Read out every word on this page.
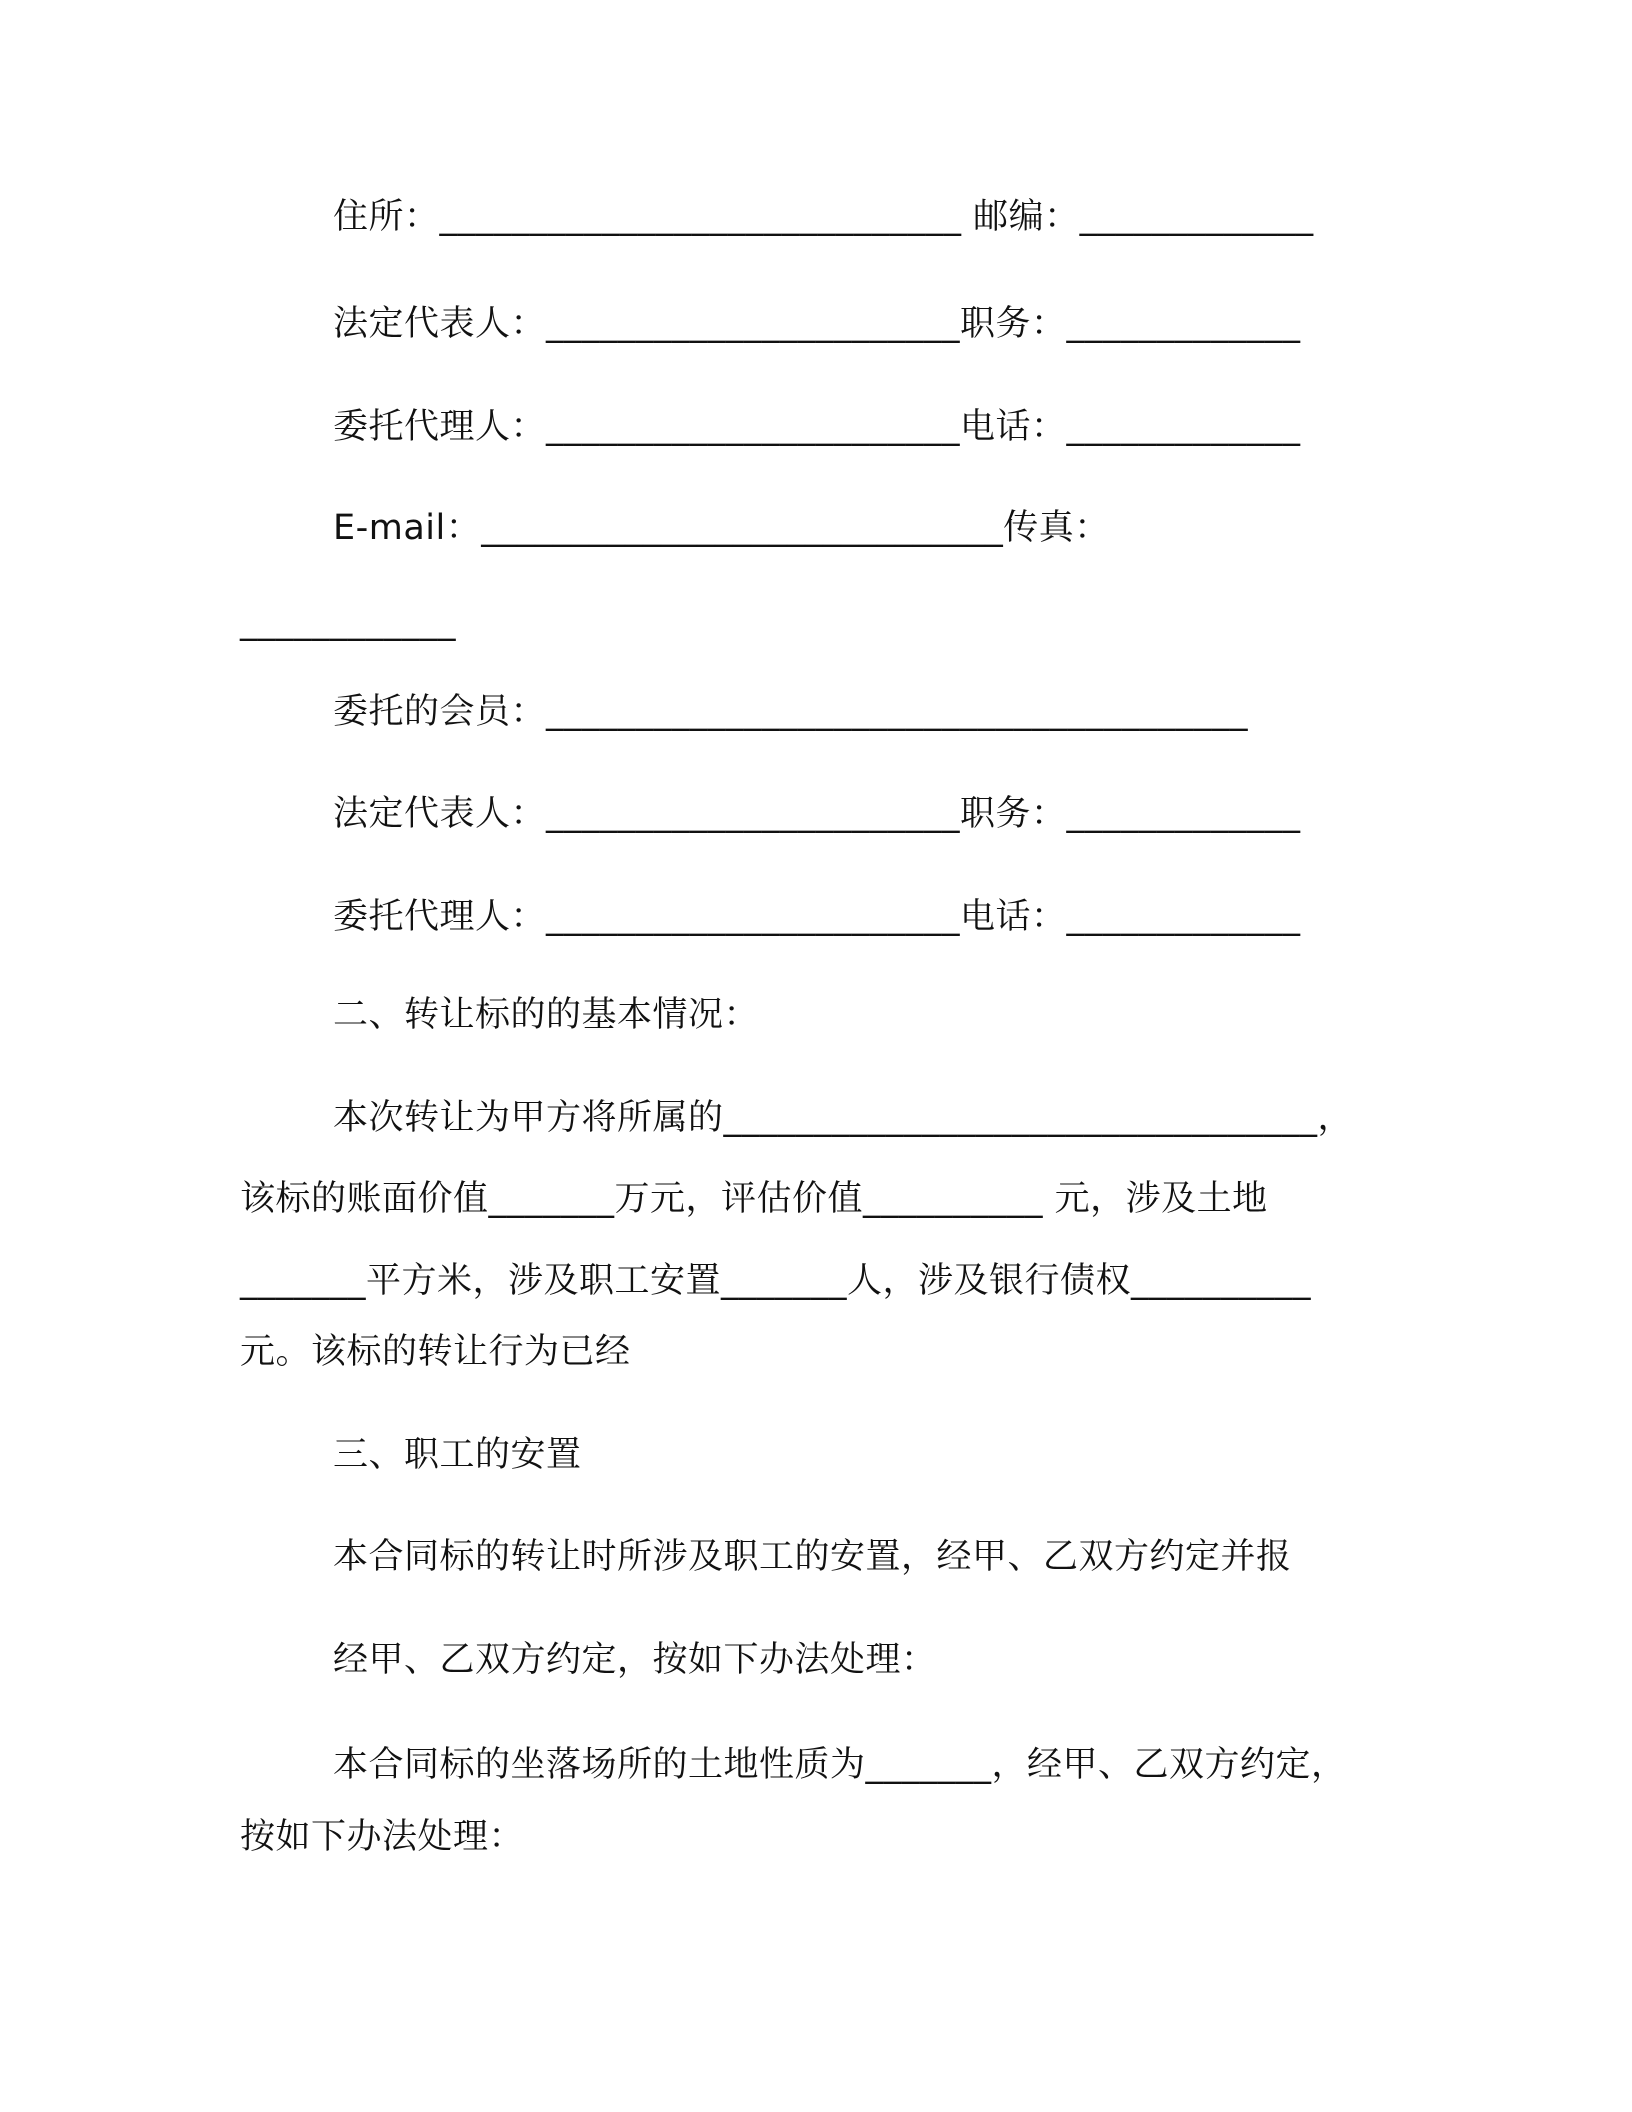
住所：_____________________________ 邮编：_____________
法定代表人：_______________________职务：_____________
委托代理人：_______________________电话：_____________
E-mail：_____________________________传真：
____________
委托的会员：_______________________________________
法定代表人：_______________________职务：_____________
委托代理人：_______________________电话：_____________
二、转让标的的基本情况：
本次转让为甲方将所属的_________________________________，
该标的账面价值_______万元，评估价值__________ 元，涉及土地
_______平方米，涉及职工安置_______人，涉及银行债权__________
元。该标的转让行为已经
三、职工的安置
本合同标的转让时所涉及职工的安置，经甲、乙双方约定并报
经甲、乙双方约定，按如下办法处理：
本合同标的坐落场所的土地性质为_______，经甲、乙双方约定，
按如下办法处理：
